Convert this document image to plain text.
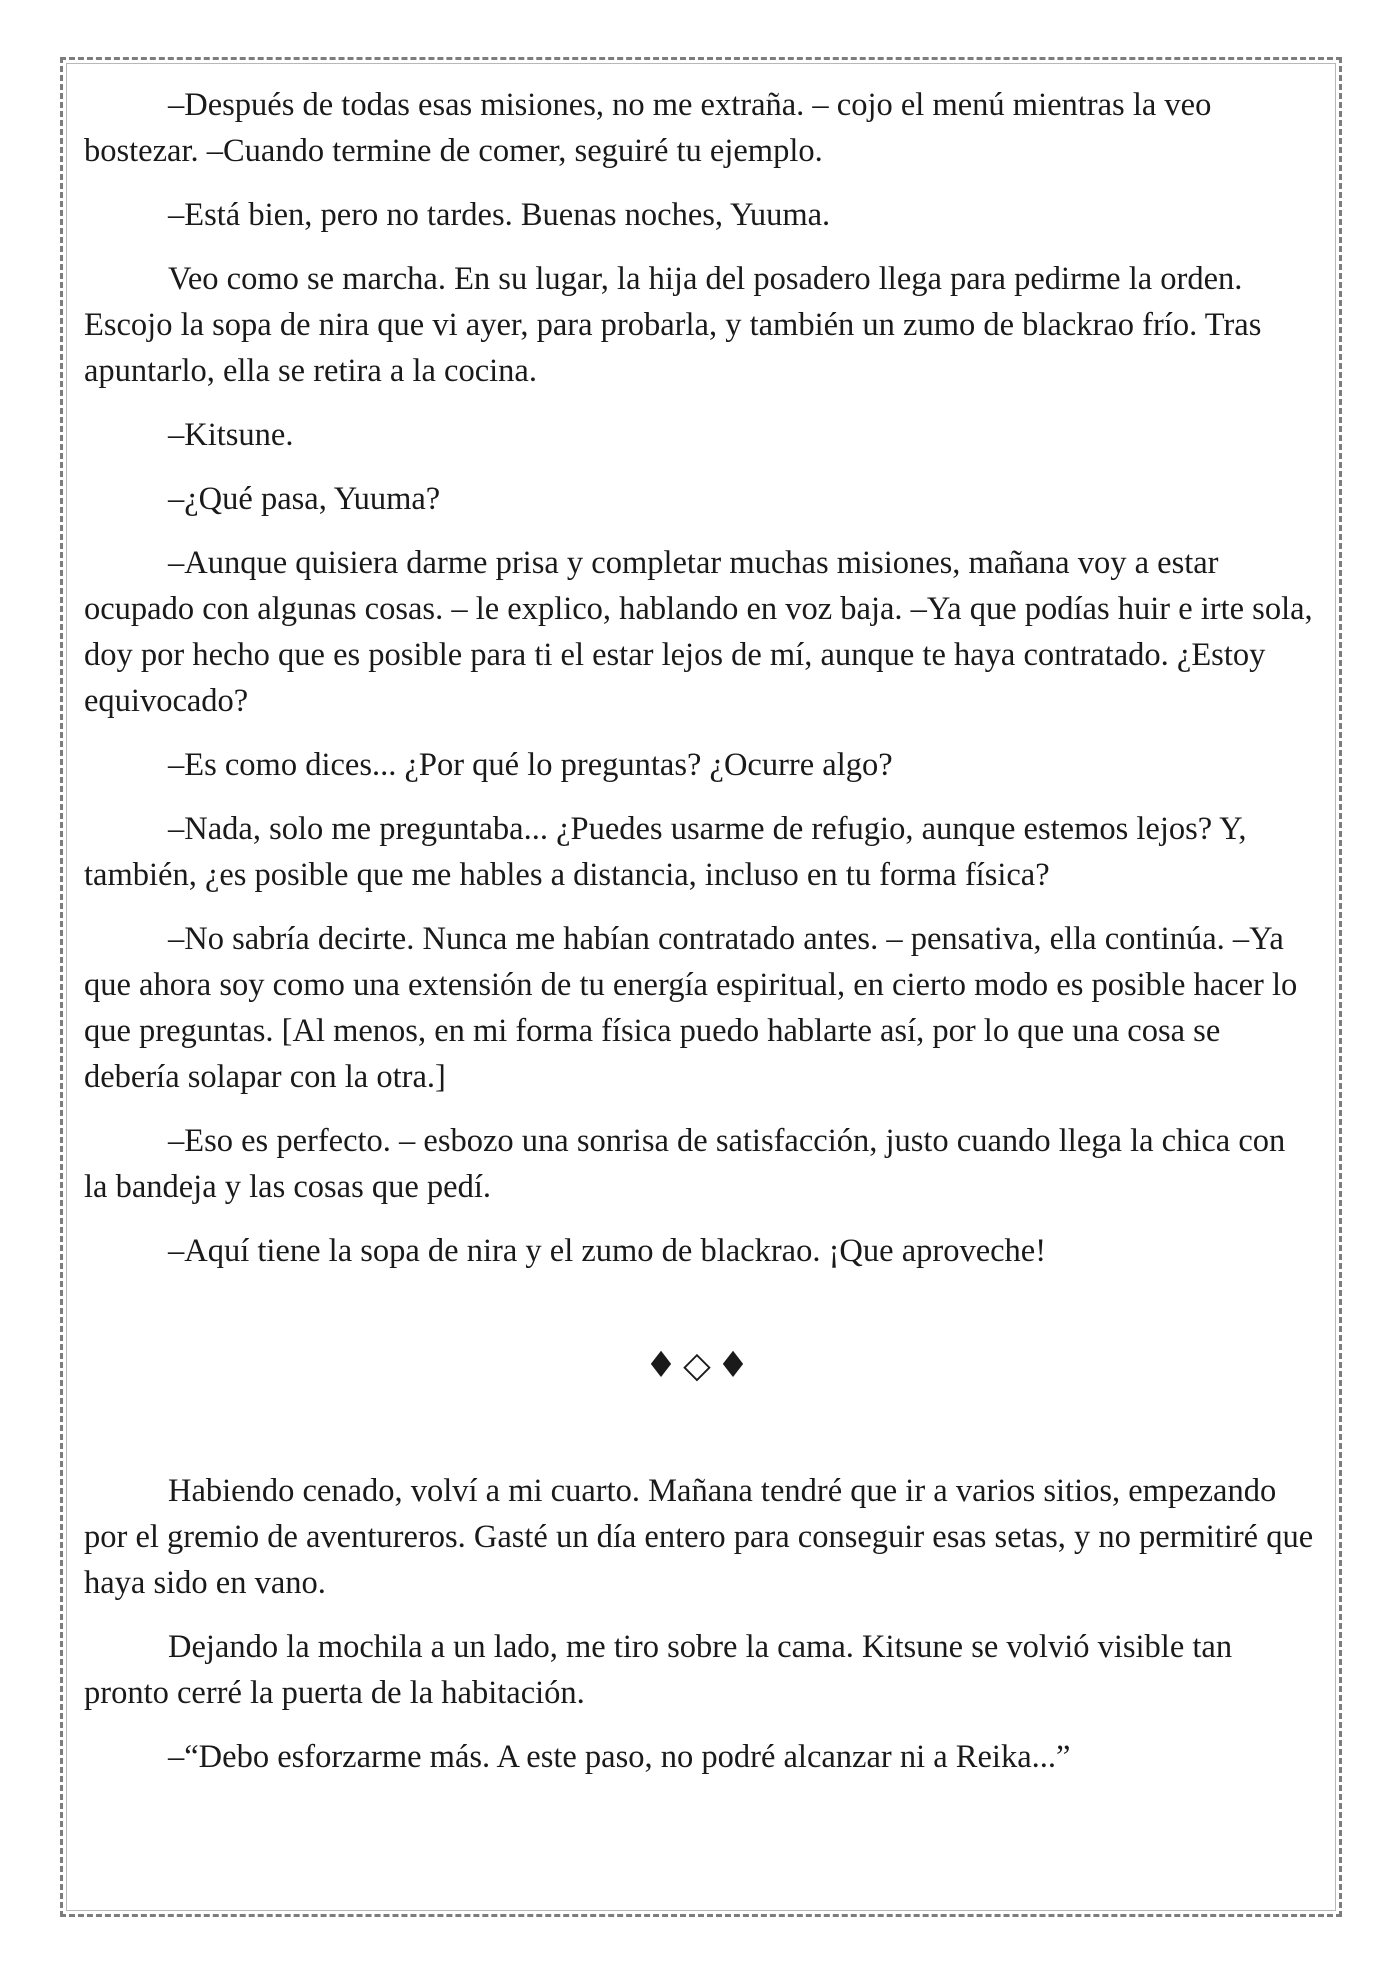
–Después de todas esas misiones, no me extraña. – cojo el menú mientras la veo bostezar. –Cuando termine de comer, seguiré tu ejemplo.

–Está bien, pero no tardes. Buenas noches, Yuuma.

Veo como se marcha. En su lugar, la hija del posadero llega para pedirme la orden. Escojo la sopa de nira que vi ayer, para probarla, y también un zumo de blackrao frío. Tras apuntarlo, ella se retira a la cocina.

–Kitsune.

–¿Qué pasa, Yuuma?

–Aunque quisiera darme prisa y completar muchas misiones, mañana voy a estar ocupado con algunas cosas. – le explico, hablando en voz baja. –Ya que podías huir e irte sola, doy por hecho que es posible para ti el estar lejos de mí, aunque te haya contratado. ¿Estoy equivocado?

–Es como dices... ¿Por qué lo preguntas? ¿Ocurre algo?

–Nada, solo me preguntaba... ¿Puedes usarme de refugio, aunque estemos lejos? Y, también, ¿es posible que me hables a distancia, incluso en tu forma física?

–No sabría decirte. Nunca me habían contratado antes. – pensativa, ella continúa. –Ya que ahora soy como una extensión de tu energía espiritual, en cierto modo es posible hacer lo que preguntas. [Al menos, en mi forma física puedo hablarte así, por lo que una cosa se debería solapar con la otra.]

–Eso es perfecto. – esbozo una sonrisa de satisfacción, justo cuando llega la chica con la bandeja y las cosas que pedí.

–Aquí tiene la sopa de nira y el zumo de blackrao. ¡Que aproveche!

♦◇♦

Habiendo cenado, volví a mi cuarto. Mañana tendré que ir a varios sitios, empezando por el gremio de aventureros. Gasté un día entero para conseguir esas setas, y no permitiré que haya sido en vano.

Dejando la mochila a un lado, me tiro sobre la cama. Kitsune se volvió visible tan pronto cerré la puerta de la habitación.

–“Debo esforzarme más. A este paso, no podré alcanzar ni a Reika...”
